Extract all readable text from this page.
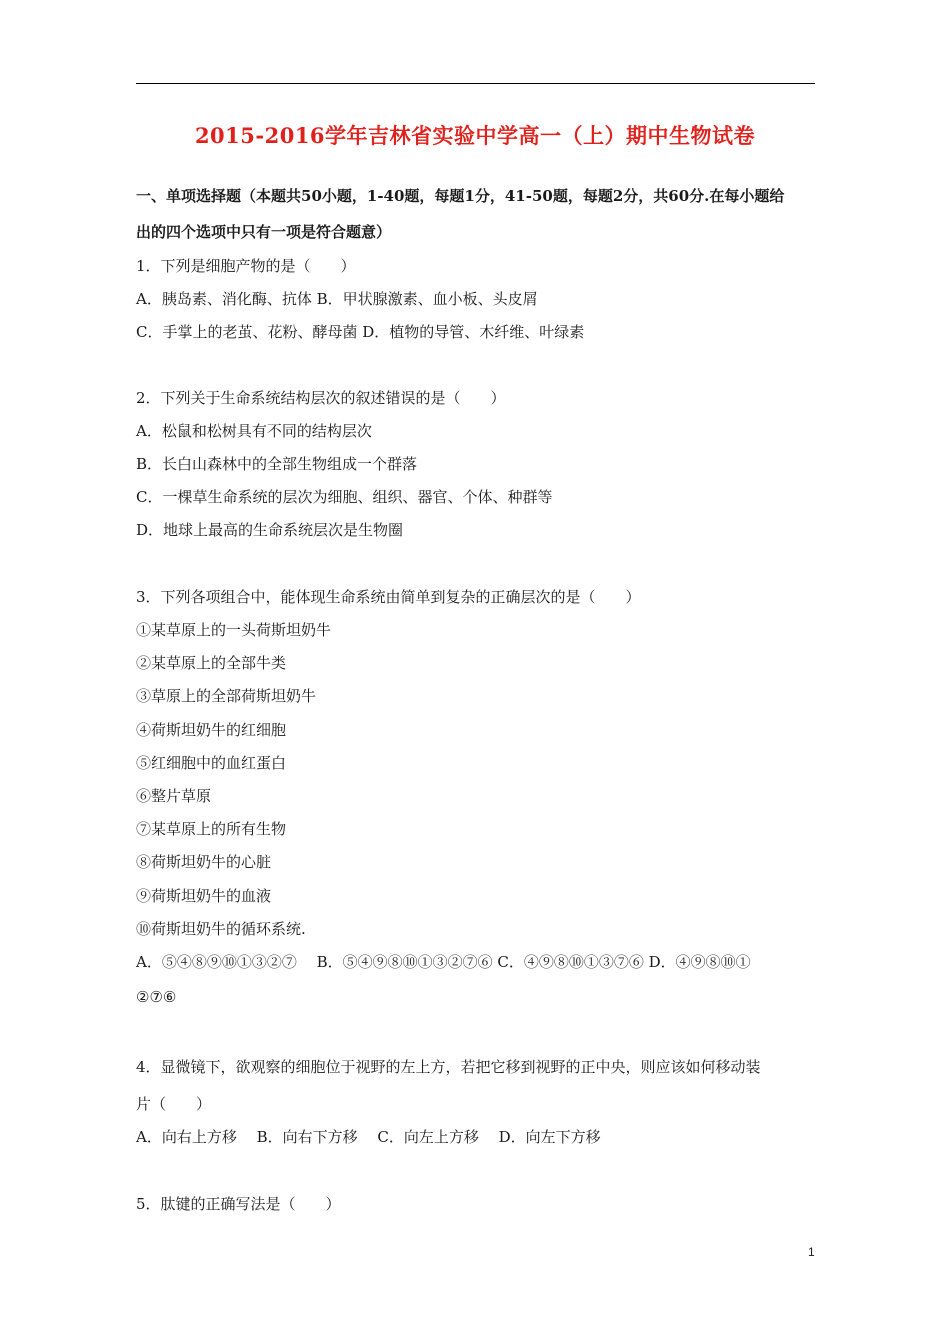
2015-2016学年吉林省实验中学高一（上）期中生物试卷
一、单项选择题（本题共50小题，1-40题，每题1分，41-50题，每题2分，共60分.在每小题给
出的四个选项中只有一项是符合题意）
1．下列是细胞产物的是（　　）
A．胰岛素、消化酶、抗体 B．甲状腺激素、血小板、头皮屑
C．手掌上的老茧、花粉、酵母菌 D．植物的导管、木纤维、叶绿素
2．下列关于生命系统结构层次的叙述错误的是（　　）
A．松鼠和松树具有不同的结构层次
B．长白山森林中的全部生物组成一个群落
C．一棵草生命系统的层次为细胞、组织、器官、个体、种群等
D．地球上最高的生命系统层次是生物圈
3．下列各项组合中，能体现生命系统由简单到复杂的正确层次的是（　　）
①某草原上的一头荷斯坦奶牛
②某草原上的全部牛类
③草原上的全部荷斯坦奶牛
④荷斯坦奶牛的红细胞
⑤红细胞中的血红蛋白
⑥整片草原
⑦某草原上的所有生物
⑧荷斯坦奶牛的心脏
⑨荷斯坦奶牛的血液
⑩荷斯坦奶牛的循环系统.
A．⑤④⑧⑨⑩①③②⑦　 B．⑤④⑨⑧⑩①③②⑦⑥ C．④⑨⑧⑩①③⑦⑥ D．④⑨⑧⑩①
②⑦⑥
4．显微镜下，欲观察的细胞位于视野的左上方，若把它移到视野的正中央，则应该如何移动装
片（　　）
A．向右上方移　 B．向右下方移　 C．向左上方移　 D．向左下方移
5．肽键的正确写法是（　　）
1
